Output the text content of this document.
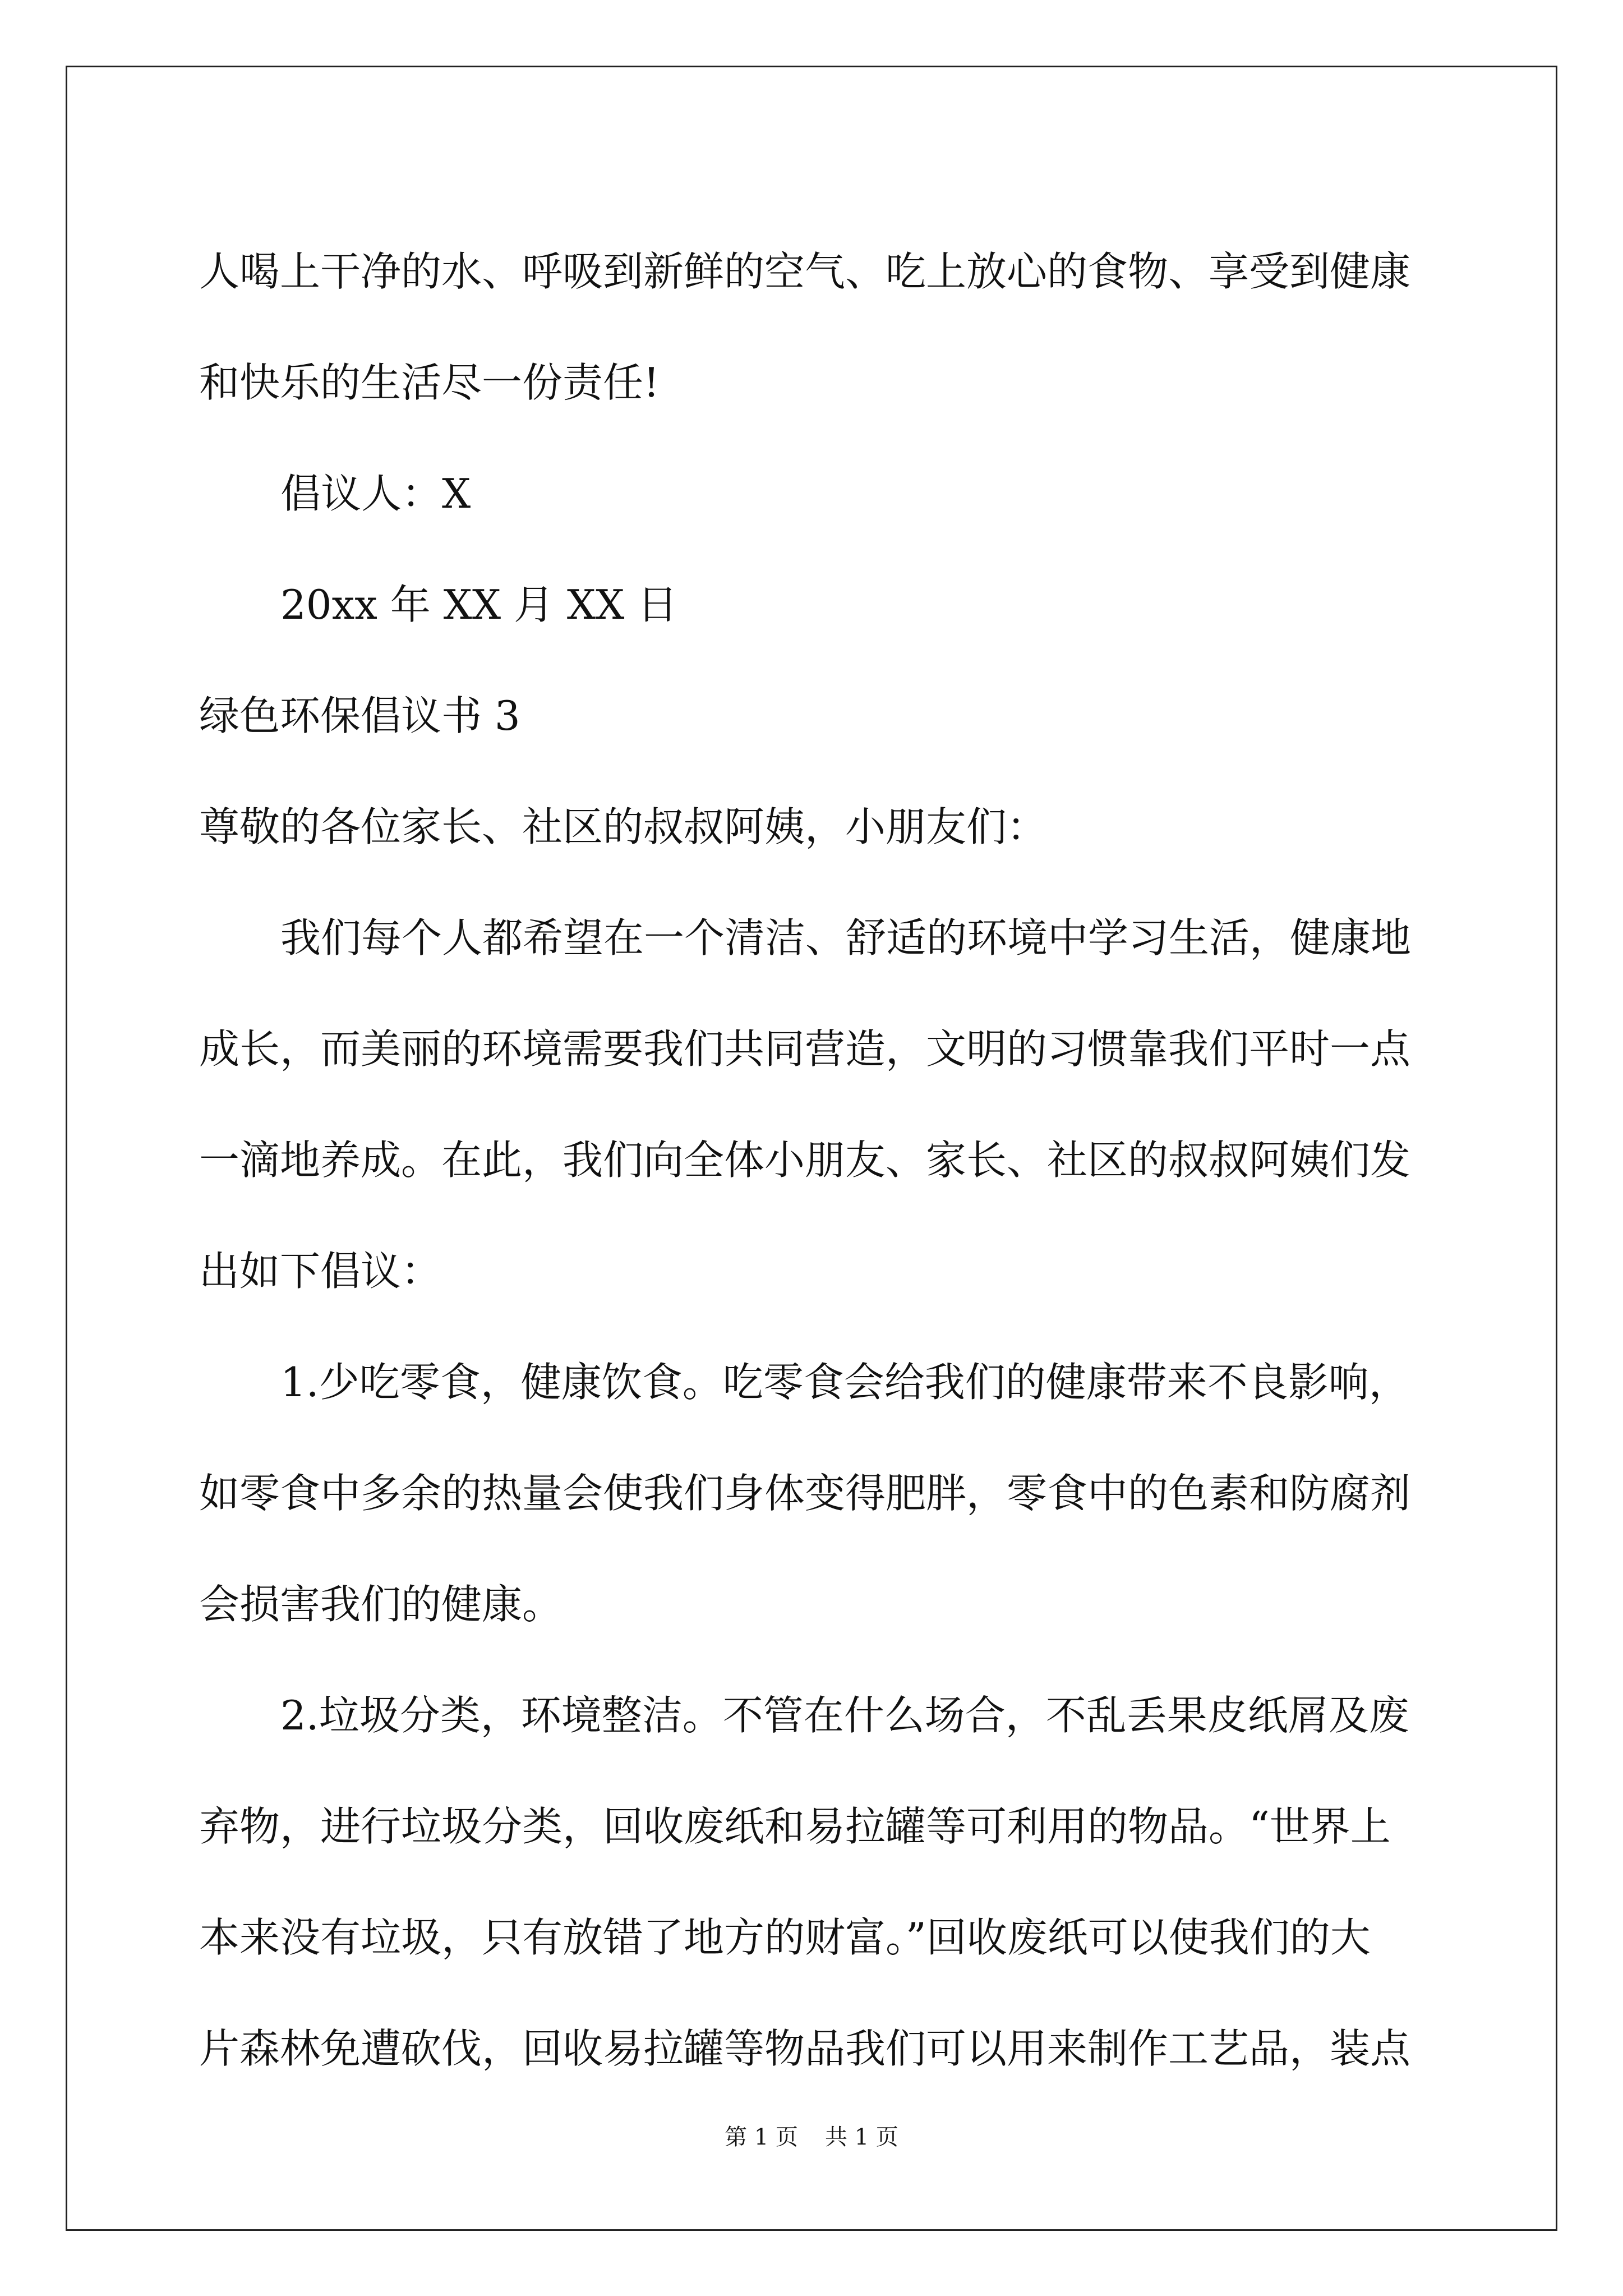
人喝上干净的水、呼吸到新鲜的空气、吃上放心的食物、享受到健康
和快乐的生活尽一份责任!
倡议人：X
20xx 年 XX 月 XX 日
绿色环保倡议书 3
尊敬的各位家长、社区的叔叔阿姨，小朋友们：
我们每个人都希望在一个清洁、舒适的环境中学习生活，健康地
成长，而美丽的环境需要我们共同营造，文明的习惯靠我们平时一点
一滴地养成。在此，我们向全体小朋友、家长、社区的叔叔阿姨们发
出如下倡议：
1.少吃零食，健康饮食。吃零食会给我们的健康带来不良影响，
如零食中多余的热量会使我们身体变得肥胖，零食中的色素和防腐剂
会损害我们的健康。
2.垃圾分类，环境整洁。不管在什么场合，不乱丢果皮纸屑及废
弃物，进行垃圾分类，回收废纸和易拉罐等可利用的物品。“世界上
本来没有垃圾，只有放错了地方的财富。”回收废纸可以使我们的大
片森林免遭砍伐，回收易拉罐等物品我们可以用来制作工艺品，装点
第 1 页 共 1 页
